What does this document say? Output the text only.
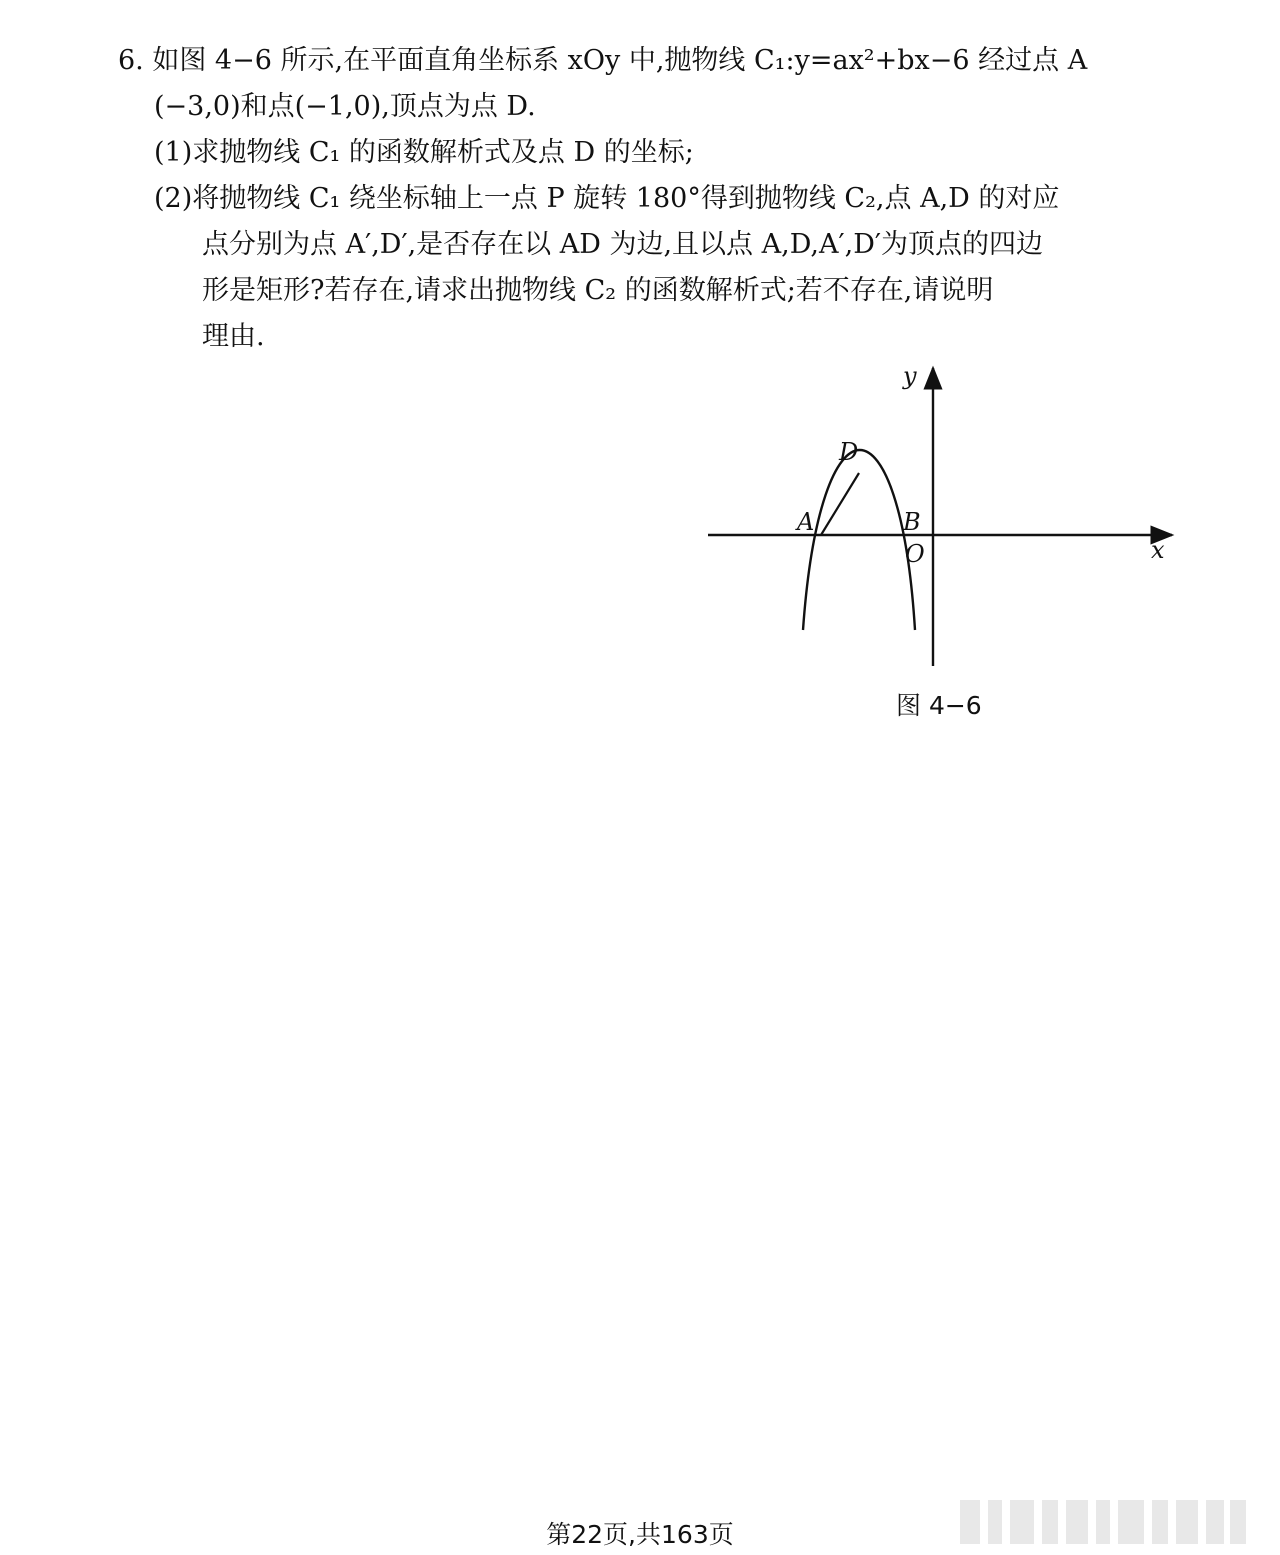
6. 如图 4−6 所示,在平面直角坐标系 xOy 中,抛物线 C₁:y=ax²+bx−6 经过点 A
(−3,0)和点(−1,0),顶点为点 D.
(1)求抛物线 C₁ 的函数解析式及点 D 的坐标;
(2)将抛物线 C₁ 绕坐标轴上一点 P 旋转 180°得到抛物线 C₂,点 A,D 的对应
点分别为点 A′,D′,是否存在以 AD 为边,且以点 A,D,A′,D′为顶点的四边
形是矩形?若存在,请求出抛物线 C₂ 的函数解析式;若不存在,请说明
理由.
y
x
D
A	B
O
图 4−6
第22页,共163页
